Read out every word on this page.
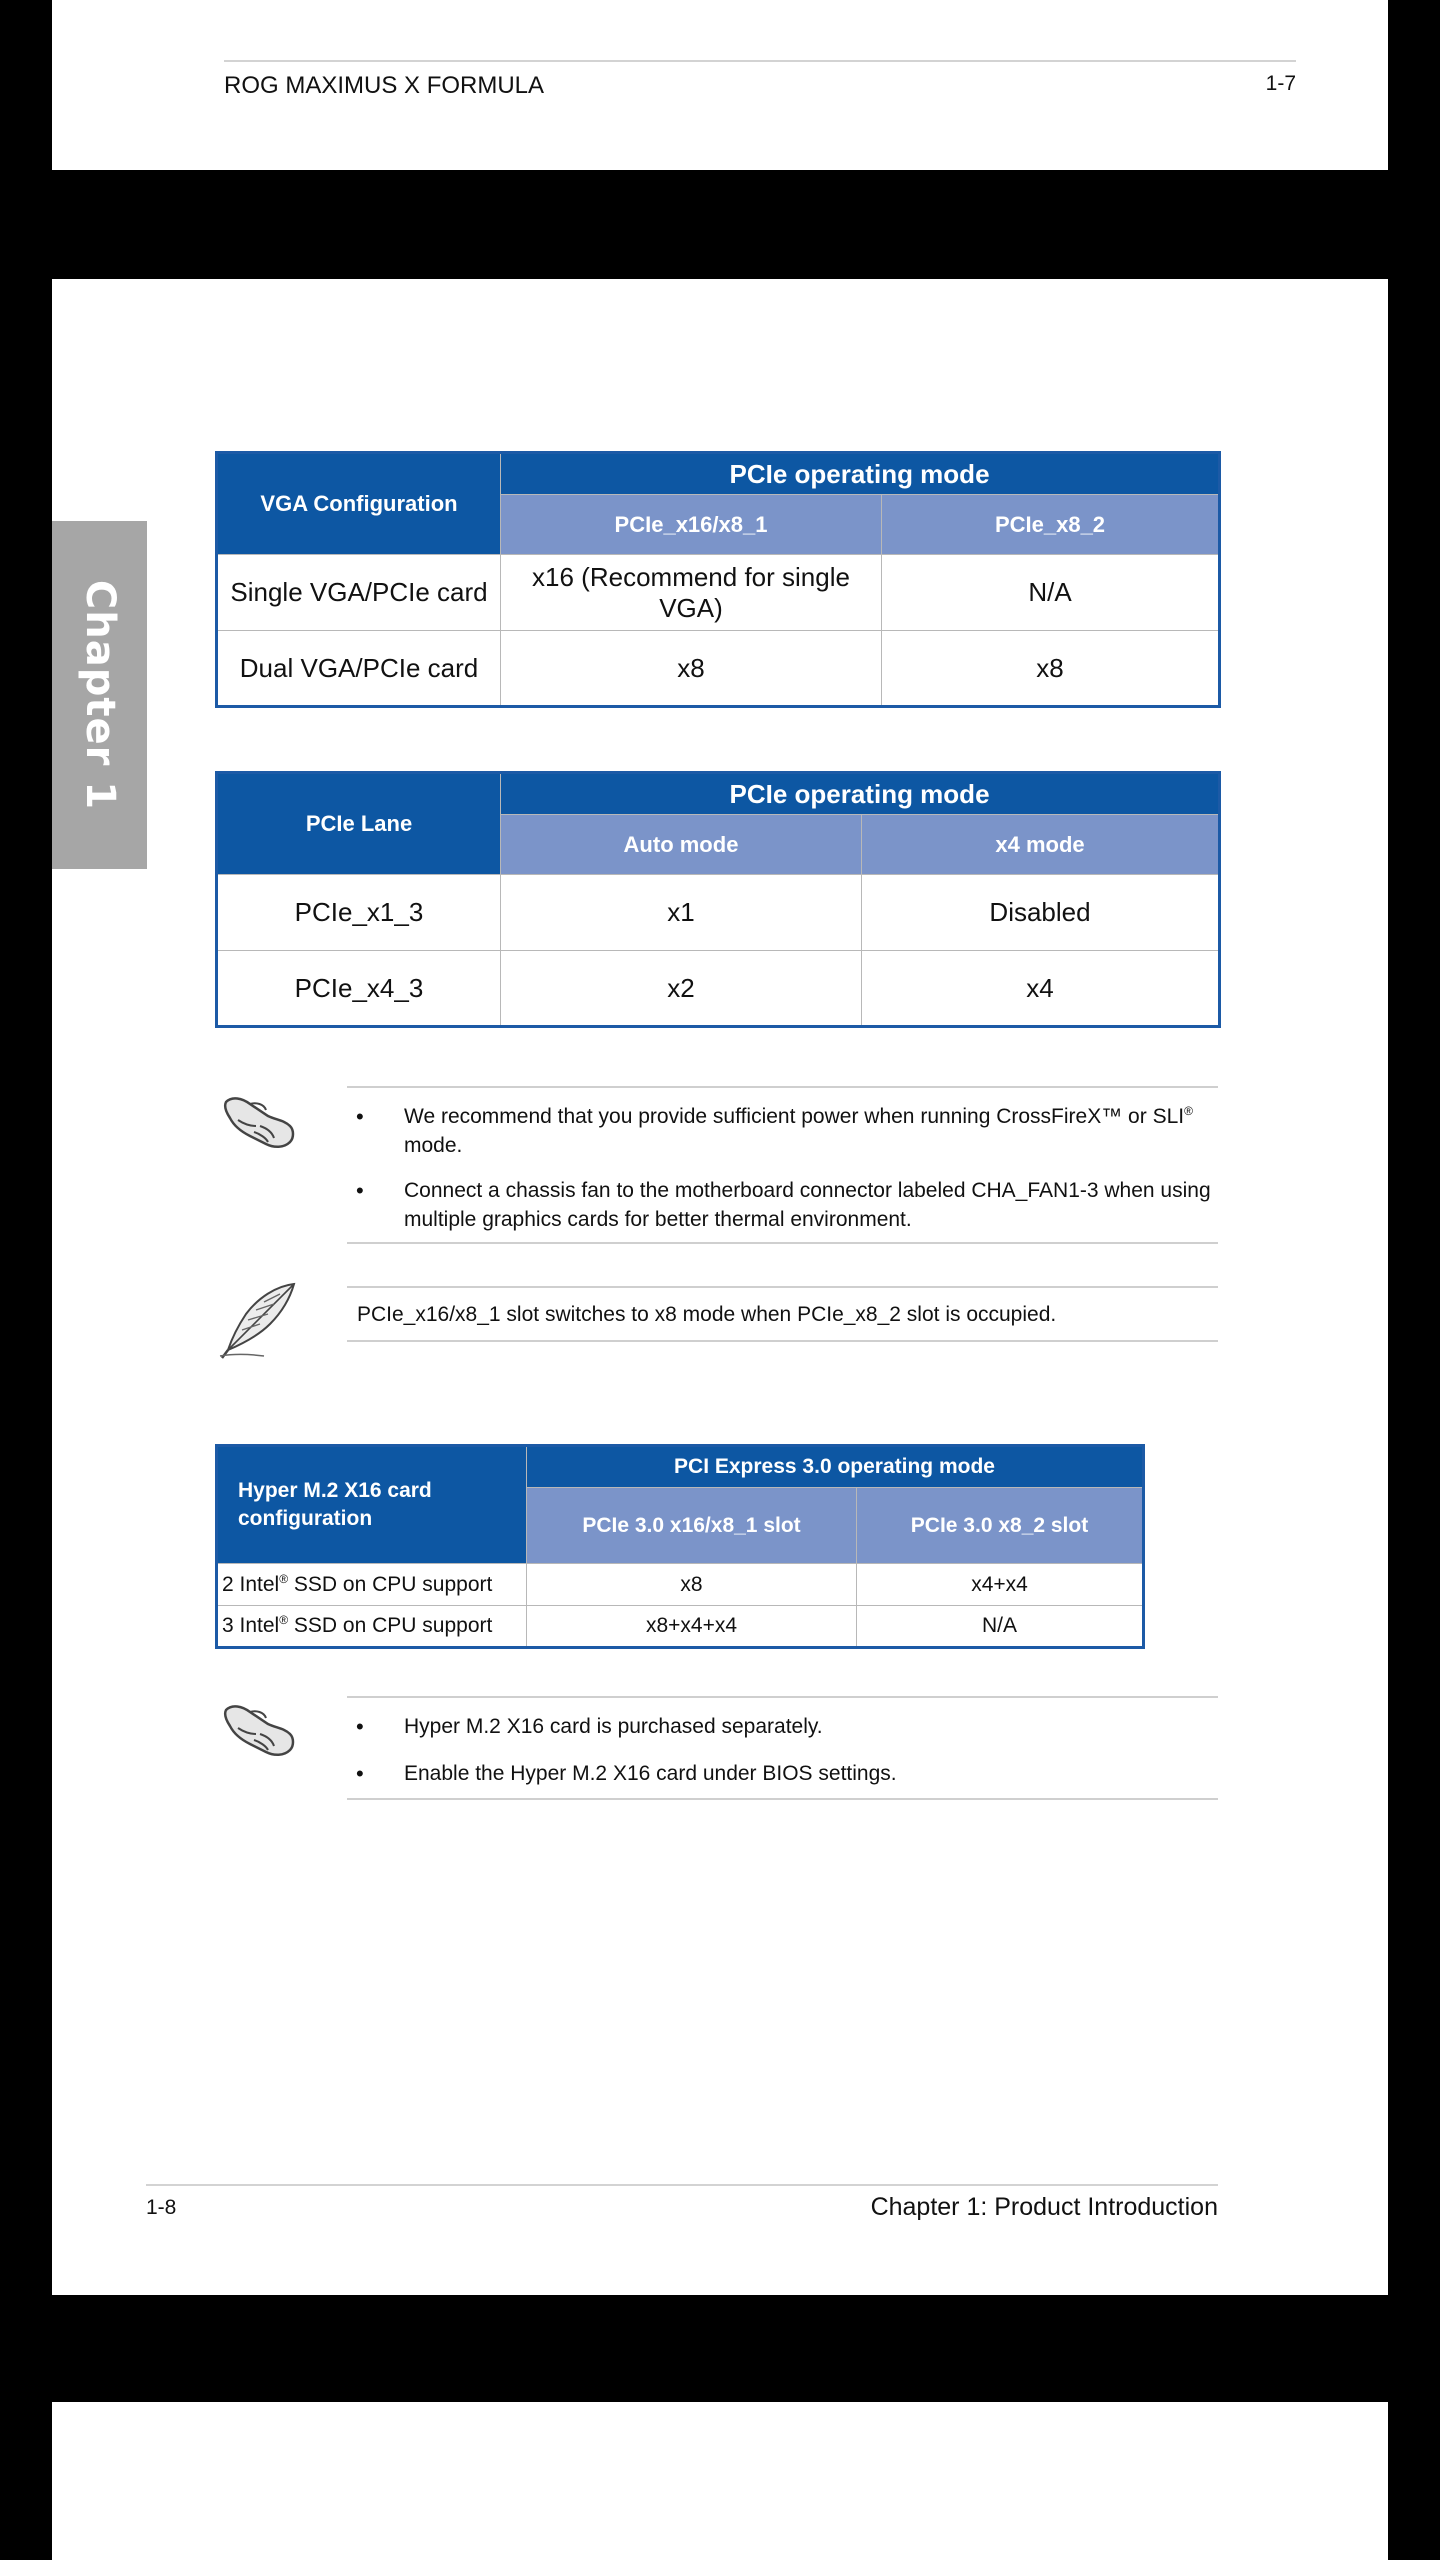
ROG MAXIMUS X FORMULA	1-7
Chapter 1
VGA Configuration	PCIe operating mode	
	PCIe_x16/x8_1	PCIe_x8_2
Single VGA/PCIe card	x16 (Recommend for single VGA)	N/A
Dual VGA/PCIe card	x8	x8
PCIe Lane	PCIe operating mode	
	Auto mode	x4 mode
PCIe_x1_3	x1	Disabled
PCIe_x4_3	x2	x4
• We recommend that you provide sufficient power when running CrossFireX™ or SLI® mode.
• Connect a chassis fan to the motherboard connector labeled CHA_FAN1-3 when using multiple graphics cards for better thermal environment.

PCIe_x16/x8_1 slot switches to x8 mode when PCIe_x8_2 slot is occupied.

Hyper M.2 X16 card
configuration	PCI Express 3.0 operating mode	
	PCIe 3.0 x16/x8_1 slot	PCIe 3.0 x8_2 slot
2 Intel® SSD on CPU support	x8	x4+x4
3 Intel® SSD on CPU support	x8+x4+x4	N/A
• Hyper M.2 X16 card is purchased separately.
• Enable the Hyper M.2 X16 card under BIOS settings.
1-8	Chapter 1: Product Introduction
